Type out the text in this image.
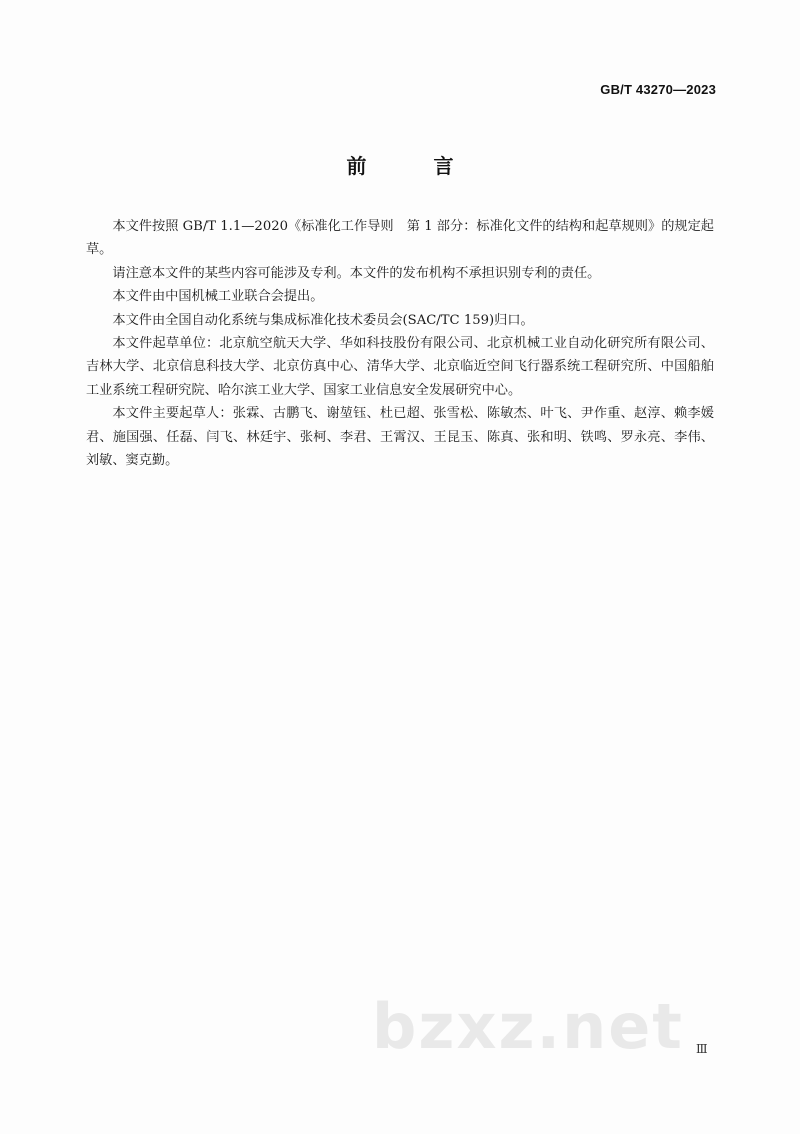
GB/T 43270—2023
前 言

本文件按照 GB/T 1.1—2020《标准化工作导则　第 1 部分：标准化文件的结构和起草规则》的规定起草。

请注意本文件的某些内容可能涉及专利。本文件的发布机构不承担识别专利的责任。

本文件由中国机械工业联合会提出。

本文件由全国自动化系统与集成标准化技术委员会(SAC/TC 159)归口。

本文件起草单位：北京航空航天大学、华如科技股份有限公司、北京机械工业自动化研究所有限公司、吉林大学、北京信息科技大学、北京仿真中心、清华大学、北京临近空间飞行器系统工程研究所、中国船舶工业系统工程研究院、哈尔滨工业大学、国家工业信息安全发展研究中心。

本文件主要起草人：张霖、古鹏飞、谢堃钰、杜已超、张雪松、陈敏杰、叶飞、尹作重、赵淳、赖李媛君、施国强、任磊、闫飞、林廷宇、张柯、李君、王霄汉、王昆玉、陈真、张和明、铁鸣、罗永亮、李伟、刘敏、窦克勤。

bzxz.net Ⅲ
